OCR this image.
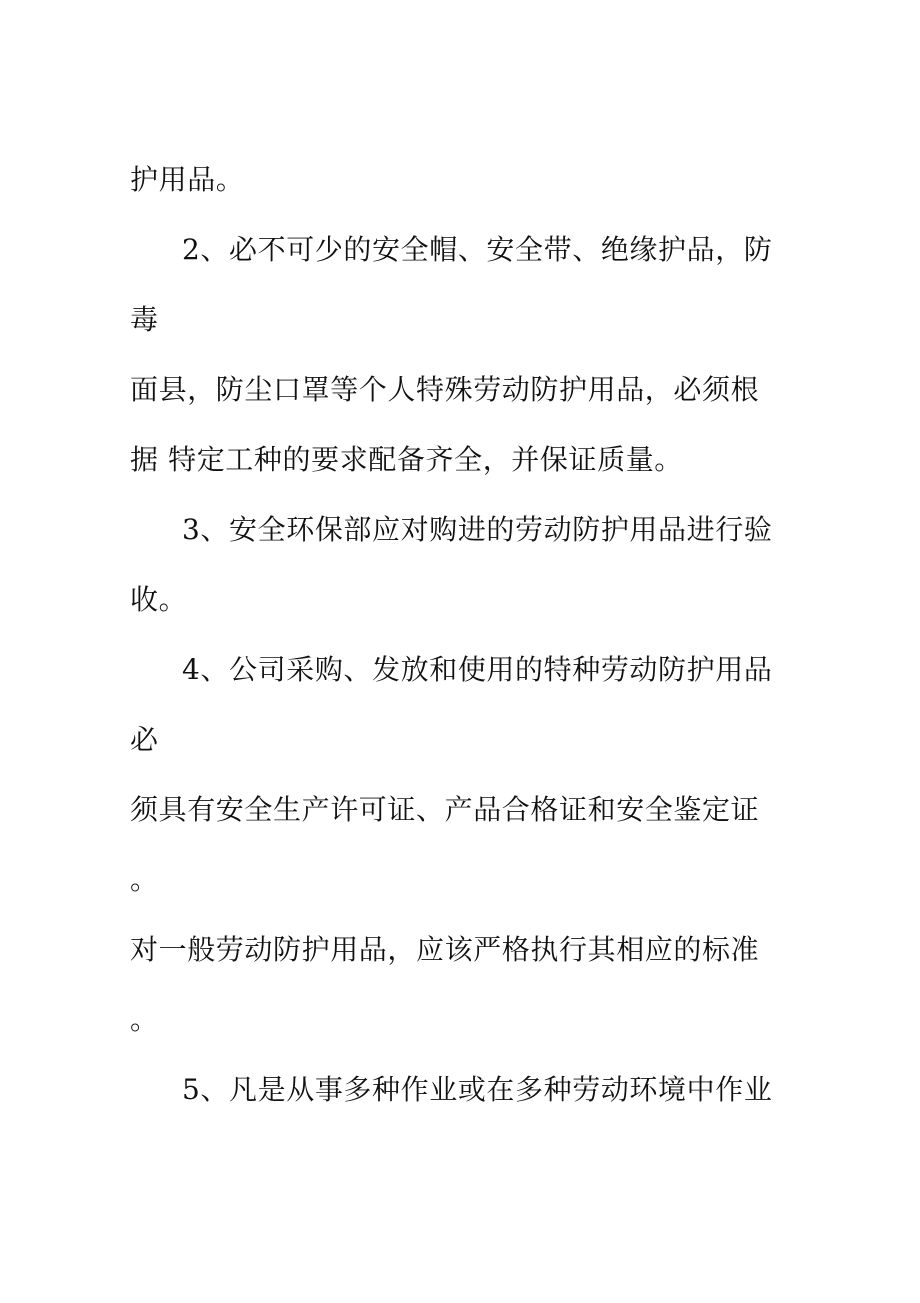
护用品。
2、必不可少的安全帽、安全带、绝缘护品，防
毒
面县，防尘口罩等个人特殊劳动防护用品，必须根
据 特定工种的要求配备齐全，并保证质量。
3、安全环保部应对购进的劳动防护用品进行验
收。
4、公司采购、发放和使用的特种劳动防护用品
必
须具有安全生产许可证、产品合格证和安全鉴定证
。
对一般劳动防护用品，应该严格执行其相应的标准
。
5、凡是从事多种作业或在多种劳动环境中作业
